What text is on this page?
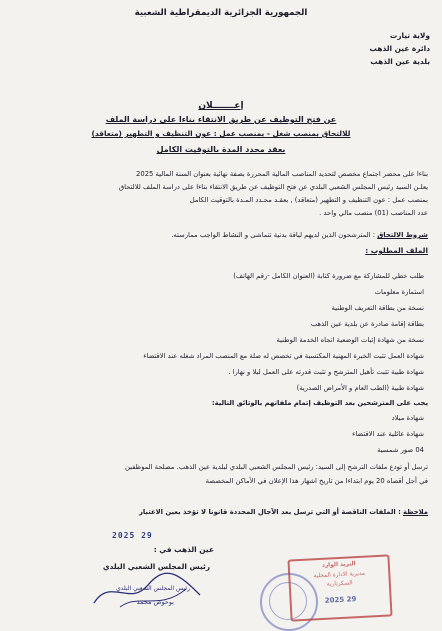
الجمهورية الجزائرية الديمقراطية الشعبية
ولاية تيارت
دائرة عين الذهب
بلدية عين الذهب
إعـــــــلان
عن فتح التوظيف عن طريق الانتقاء بناءا على دراسة الملف
للالتحاق بمنصب شغل - بمنصب عمل : عون التنظيف و التطهير (متعاقد)
بعقد محدد المدة بالتوقيت الكامل
بناءا على محضر اجتماع مخصص لتحديد المناصب المالية المحررة بصفة نهائية بعنوان السنة المالية 2025
يعلـن السيد رئيس المجلس الشعبي البلدي عن فتح التوظيف عن طريق الانتقاء بناءا على دراسة الملف للالتحاق
بمنصب عمل : عون التنظيف و التطهير (متعاقد) , بعقـد محـدد المـدة بالتوقيت الكامل
عدد المناصب (01) منصب مالي واحد .
شروط الالتحاق : المترشحون الذين لديهم لياقة بدنية تتماشى و النشاط الواجب ممارسته.
الملف المطلوب :
طلب خطي للمشاركة مع ضرورة كتابة (العنوان الكامل -رقم الهاتف)
استمارة معلومات
نسخة من بطاقة التعريف الوطنية
بطاقة إقامة صادرة عن بلدية عين الذهب
نسخة من شهادة إثبات الوضعية اتجاه الخدمة الوطنية
شهادة العمل تثبت الخبرة المهنية المكتسبة في تخصص له صلة مع المنصب المراد شغله عند الاقتضاء
شهادة طبية تثبت تأهيل المترشح و تثبت قدرته على العمل ليلا و نهارا .
شهادة طبية (الطب العام و الأمراض الصدرية)
يجب على المترشحين بعد التوظيف إتمام ملفاتهم بالوثائق التالية:
شهادة ميلاد
شهادة عائلية عند الاقتضاء
04 صور شمسية
ترسل أو تودع ملفات الترشح إلى السيد: رئيس المجلس الشعبي البلدي لبلدية عين الذهب. مصلحة الموظفين
في أجل أقصاه 20 يوم ابتداءا من تاريخ اشهار هذا الإعلان في الأماكن المخصصة
ملاحظة : الملفات الناقصة أو التي ترسل بعد الآجال المحددة قانونا لا تؤخذ بعين الاعتبار
2025 29
عين الذهب في :
رئيس المجلس الشعبي البلدي
رئيس المجلس الشعبي البلدي
بوحوص محمد
البريد الوارد
مديرية الادارة المحلية
السكرتارية
2025 29
